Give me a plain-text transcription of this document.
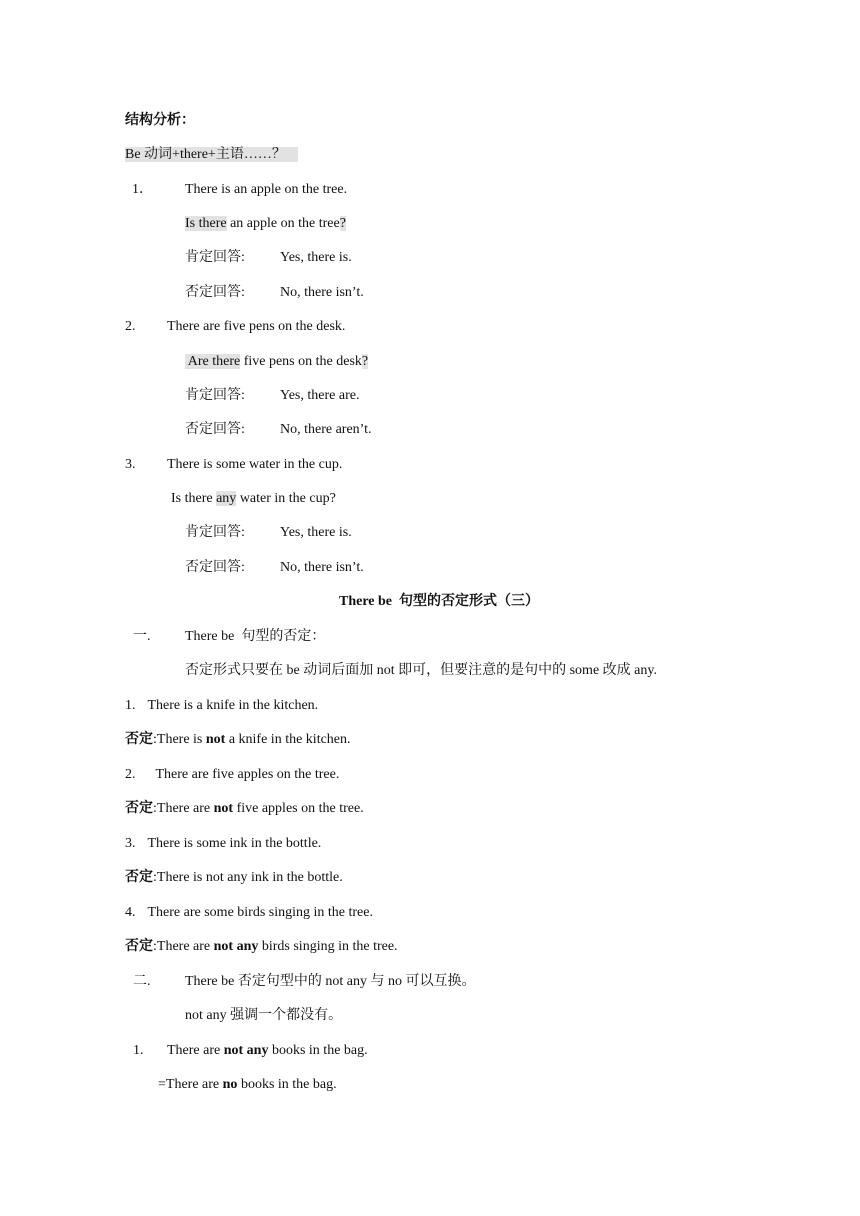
结构分析：
Be 动词+there+主语……？
1． There is an apple on the tree.
Is there an apple on the tree?
肯定回答:	Yes, there is.
否定回答:	No, there isn’t.
2. There are five pens on the desk.
Are there five pens on the desk?
肯定回答:	Yes, there are.
否定回答:	No, there aren’t.
3. There is some water in the cup.
Is there any water in the cup?
肯定回答:	Yes, there is.
否定回答:	No, there isn’t.
There be  句型的否定形式（三）
一. There be  句型的否定：
否定形式只要在 be 动词后面加 not 即可，但要注意的是句中的 some 改成 any.
1. There is a knife in the kitchen.
否定:There is not a knife in the kitchen.
2. There are five apples on the tree.
否定:There are not five apples on the tree.
3. There is some ink in the bottle.
否定:There is not any ink in the bottle.
4. There are some birds singing in the tree.
否定:There are not any birds singing in the tree.
二. There be 否定句型中的 not any 与 no 可以互换。
not any 强调一个都没有。
1. There are not any books in the bag.
=There are no books in the bag.
